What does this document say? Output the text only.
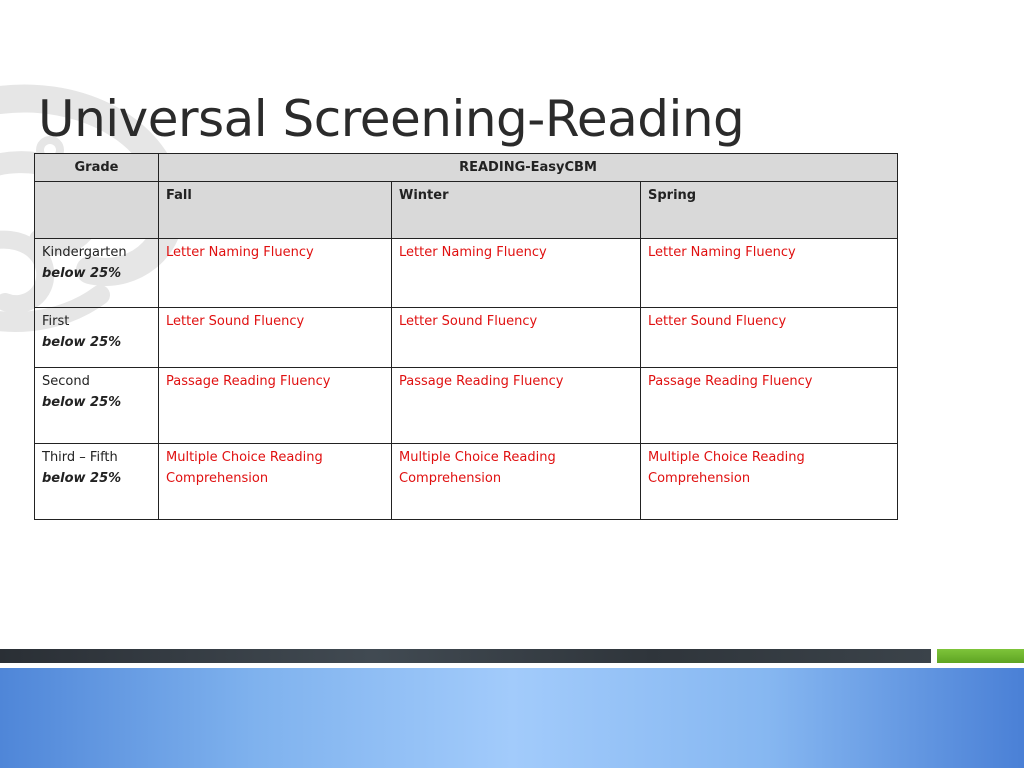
Universal Screening-Reading
Grade	READING-EasyCBM		
	Fall	Winter	Spring

Kindergarten
below 25%	Letter Naming Fluency	Letter Naming Fluency	Letter Naming Fluency

First
below 25%	Letter Sound Fluency	Letter Sound Fluency	Letter Sound Fluency

Second
below 25%	Passage Reading Fluency	Passage Reading Fluency	Passage Reading Fluency

Third – Fifth
below 25%	Multiple Choice Reading Comprehension	Multiple Choice Reading Comprehension	Multiple Choice Reading Comprehension
